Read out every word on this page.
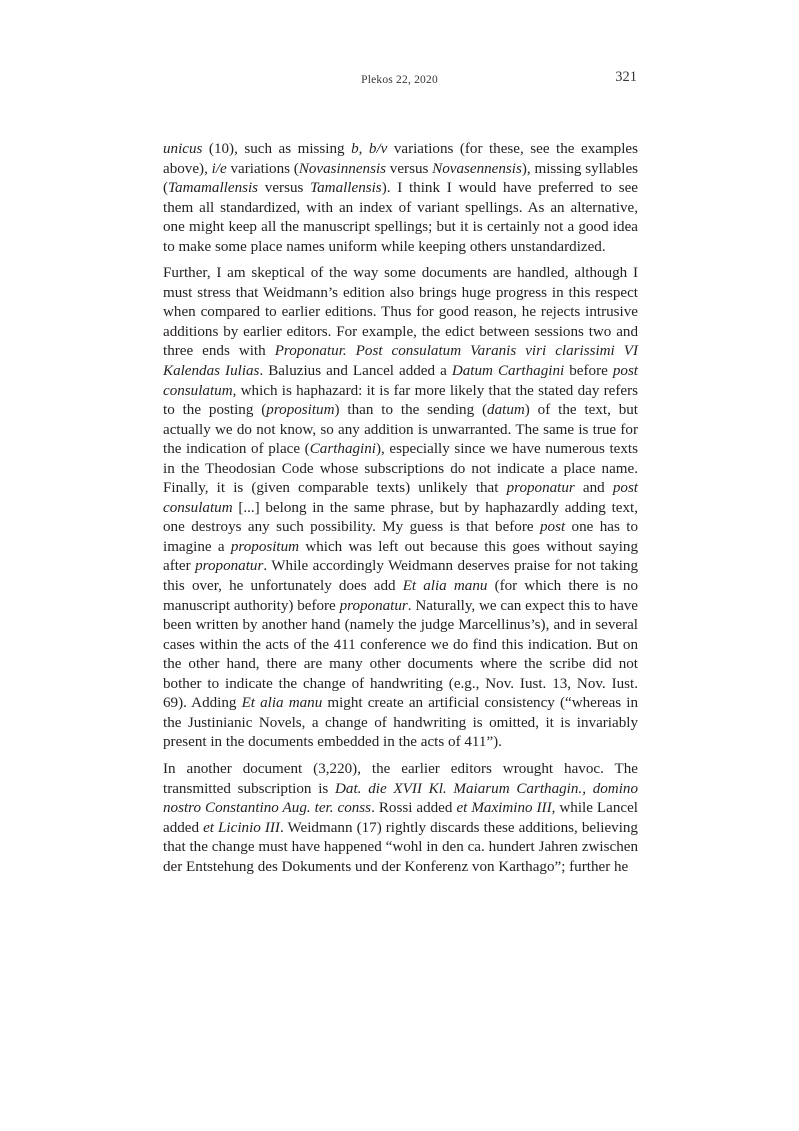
Plekos 22, 2020	321

unicus (10), such as missing b, b/v variations (for these, see the examples above), i/e variations (Novasinnensis versus Novasennensis), missing syllables (Tamamallensis versus Tamallensis). I think I would have preferred to see them all standardized, with an index of variant spellings. As an alternative, one might keep all the manuscript spellings; but it is certainly not a good idea to make some place names uniform while keeping others unstandardized.

Further, I am skeptical of the way some documents are handled, although I must stress that Weidmann’s edition also brings huge progress in this respect when compared to earlier editions. Thus for good reason, he rejects intrusive additions by earlier editors. For example, the edict between sessions two and three ends with Proponatur. Post consulatum Varanis viri clarissimi VI Kalendas Iulias. Baluzius and Lancel added a Datum Carthagini before post consulatum, which is haphazard: it is far more likely that the stated day refers to the posting (propositum) than to the sending (datum) of the text, but actually we do not know, so any addition is unwarranted. The same is true for the indication of place (Carthagini), especially since we have numerous texts in the Theodosian Code whose subscriptions do not indicate a place name. Finally, it is (given comparable texts) unlikely that proponatur and post consulatum [...] belong in the same phrase, but by haphazardly adding text, one destroys any such possibility. My guess is that before post one has to imagine a propositum which was left out because this goes without saying after proponatur. While accordingly Weidmann deserves praise for not taking this over, he unfortunately does add Et alia manu (for which there is no manuscript authority) before proponatur. Naturally, we can expect this to have been written by another hand (namely the judge Marcellinus’s), and in several cases within the acts of the 411 conference we do find this indication. But on the other hand, there are many other documents where the scribe did not bother to indicate the change of handwriting (e.g., Nov. Iust. 13, Nov. Iust. 69). Adding Et alia manu might create an artificial consistency (“whereas in the Justinianic Novels, a change of handwriting is omitted, it is invariably present in the documents embedded in the acts of 411”).

In another document (3,220), the earlier editors wrought havoc. The transmitted subscription is Dat. die XVII Kl. Maiarum Carthagin., domino nostro Constantino Aug. ter. conss. Rossi added et Maximino III, while Lancel added et Licinio III. Weidmann (17) rightly discards these additions, believing that the change must have happened “wohl in den ca. hundert Jahren zwischen der Entstehung des Dokuments und der Konferenz von Karthago”; further he
